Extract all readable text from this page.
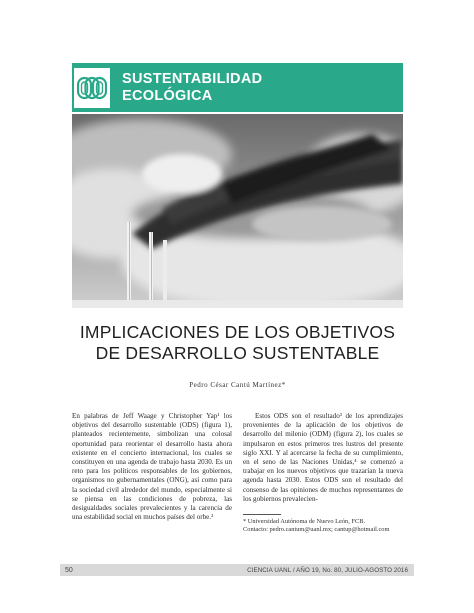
SUSTENTABILIDAD
ECOLÓGICA
IMPLICACIONES DE LOS OBJETIVOS
DE DESARROLLO SUSTENTABLE
Pedro César Cantú Martínez*

En palabras de Jeff Waage y Christopher Yap¹ los objetivos del desarrollo sustentable (ODS) (figura 1), planteados recientemente, simbolizan una colosal oportunidad para reorientar el desarrollo hasta ahora existente en el concierto internacional, los cuales se constituyen en una agenda de trabajo hasta 2030. Es un reto para los políticos responsables de los gobiernos, organismos no gubernamentales (ONG), así como para la sociedad civil alrededor del mundo, especialmente si se piensa en las condiciones de pobreza, las desigualdades sociales prevalecientes y la carencia de una estabilidad social en muchos países del orbe.²

Estos ODS son el resultado³ de los aprendizajes provenientes de la aplicación de los objetivos de desarrollo del milenio (ODM) (figura 2), los cuales se impulsaron en estos primeros tres lustros del presente siglo XXI. Y al acercarse la fecha de su cumplimiento, en el seno de las Naciones Unidas,⁴ se comenzó a trabajar en los nuevos objetivos que trazarían la nueva agenda hasta 2030. Estos ODS son el resultado del consenso de las opiniones de muchos representantes de los gobiernos prevalecien-

* Universidad Autónoma de Nuevo León, FCB.
Contacto: pedro.cantum@uanl.mx; cantup@hotmail.com
50	CIENCIA UANL / AÑO 19, No. 80, JULIO-AGOSTO 2016
